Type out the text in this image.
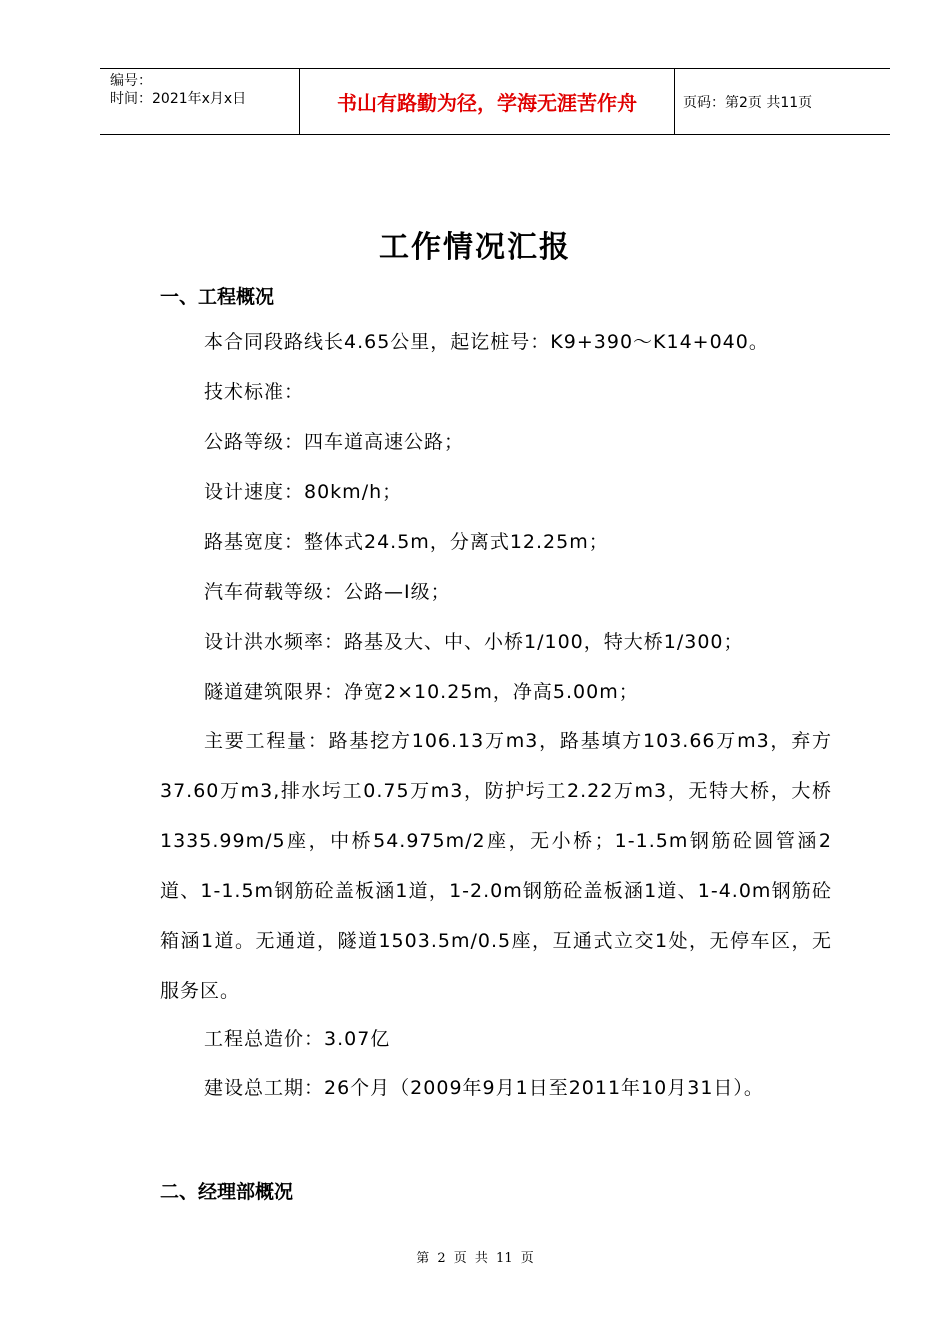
编号：
时间：2021年x月x日	书山有路勤为径，学海无涯苦作舟	页码：第2页 共11页
工作情况汇报
一、工程概况
本合同段路线长4.65公里，起讫桩号：K9+390～K14+040。
技术标准：
公路等级：四车道高速公路；
设计速度：80km/h；
路基宽度：整体式24.5m，分离式12.25m；
汽车荷载等级：公路—I级；
设计洪水频率：路基及大、中、小桥1/100，特大桥1/300；
隧道建筑限界：净宽2×10.25m，净高5.00m；
主要工程量：路基挖方106.13万m3，路基填方103.66万m3，弃方37.60万m3,排水圬工0.75万m3，防护圬工2.22万m3，无特大桥，大桥1335.99m/5座，中桥54.975m/2座，无小桥；1-1.5m钢筋砼圆管涵2道、1-1.5m钢筋砼盖板涵1道，1-2.0m钢筋砼盖板涵1道、1-4.0m钢筋砼箱涵1道。无通道，隧道1503.5m/0.5座，互通式立交1处，无停车区，无服务区。
工程总造价：3.07亿
建设总工期：26个月（2009年9月1日至2011年10月31日）。
二、经理部概况
第 2 页 共 11 页
